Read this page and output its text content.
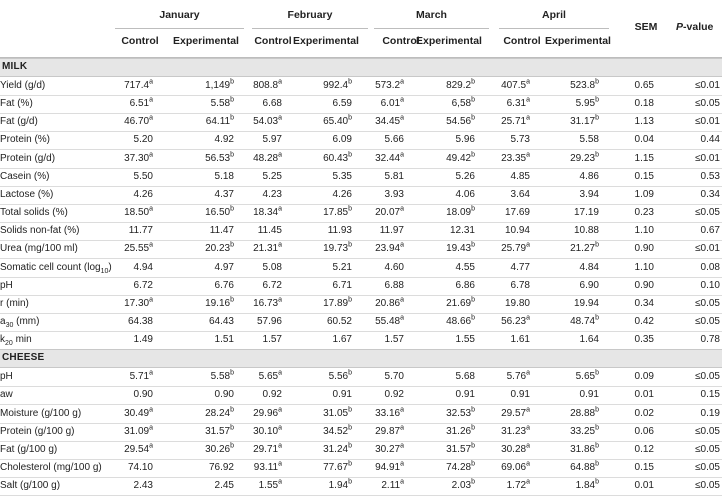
January
Control	Experimental
February
Control Experimental
March
Control
Experimental
April
Control Experimental
SEM	P-value
MILK
Yield (g/d)	717.4$^a$	1,149$^b$ 808.8$^a$	992.4$^b$ 573.2$^a$	829.2$^b$	407.5$^a$	523.8$^b$	0.65	≤0.01
Fat (%)	6.51$^a$	5.58$^b$	6.68	6.59	6.01$^a$	6,58$^b$	6.31$^a$	5.95$^b$	0.18	≤0.05
Fat (g/d)	46.70$^a$	64.11$^b$ 54.03$^a$	65.40$^b$ 34.45$^a$	54.56$^b$	25.71$^a$	31.17$^b$	1.13	≤0.01
Protein (%)	5.20	4.92	5.97	6.09	5.66	5.96	5.73	5.58	0.04	0.44
Protein (g/d)	37.30$^a$	56.53$^b$ 48.28$^a$	60.43$^b$ 32.44$^a$	49.42$^b$	23.35$^a$	29.23$^b$	1.15	≤0.01
Casein (%)	5.50	5.18	5.25	5.35	5.81	5.26	4.85	4.86	0.15	0.53
Lactose (%)	4.26	4.37	4.23	4.26	3.93	4.06	3.64	3.94	1.09	0.34
Total solids (%)	18.50$^a$	16.50$^b$ 18.34$^a$	17.85$^b$ 20.07$^a$	18.09$^b$	17.69	17.19	0.23	≤0.05
Solids non-fat (%)	11.77	11.47 11.45	11.93	11.97	12.31	10.94	10.88	1.10	0.67
Urea (mg/100 ml)	25.55$^a$	20.23$^b$ 21.31$^a$	19.73$^b$ 23.94$^a$	19.43$^b$	25.79$^a$	21.27$^b$	0.90	≤0.01
Somatic cell count $(\log_{10})$ 4.94	4.97	5.08	5.21	4.60	4.55	4.77	4.84	1.10	0.08
pH	6.72	6.76	6.72	6.71	6.88	6.86	6.78	6.90	0.90	0.10
r (min)	17.30$^a$	19.16$^b$ 16.73$^a$	17.89$^b$ 20.86$^a$	21.69$^b$	19.80	19.94	0.34	≤0.05
$a_{30}$ (mm)	64.38	64.43 57.96	60.52 55.48$^a$	48.66$^b$	56.23$^a$	48.74$^b$	0.42	≤0.05
$k_{20}$ min	1.49	1.51	1.57	1.67	1.57	1.55	1.61	1.64	0.35	0.78
CHEESE
pH	5.71$^a$	5.58$^b$ 5.65$^a$	5.56$^b$	5.70	5.68	5.76$^a$	5.65$^b$	0.09	≤0.05
aw	0.90	0.90	0.92	0.91	0.92	0.91	0.91	0.91	0.01	0.15
Moisture (g/100 g)	30.49$^a$	28.24$^b$ 29.96$^a$	31.05$^b$ 33.16$^a$	32.53$^b$	29.57$^a$	28.88$^b$	0.02	0.19
Protein (g/100 g)	31.09$^a$	31.57$^b$ 30.10$^a$	34.52$^b$ 29.87$^a$	31.26$^b$	31.23$^a$	33.25$^b$	0.06	≤0.05
Fat (g/100 g)	29.54$^a$	30.26$^b$ 29.71$^a$	31.24$^b$ 30.27$^a$	31.57$^b$	30.28$^a$	31.86$^b$	0.12	≤0.05
Cholesterol (mg/100 g)	74.10	76.92 93.11$^a$	77.67$^b$ 94.91$^a$	74.28$^b$	69.06$^a$	64.88$^b$	0.15	≤0.05
Salt (g/100 g)	2.43	2.45 1.55$^a$	1.94$^b$	2.11$^a$	2.03$^b$	1.72$^a$	1.84$^b$	0.01	≤0.05
